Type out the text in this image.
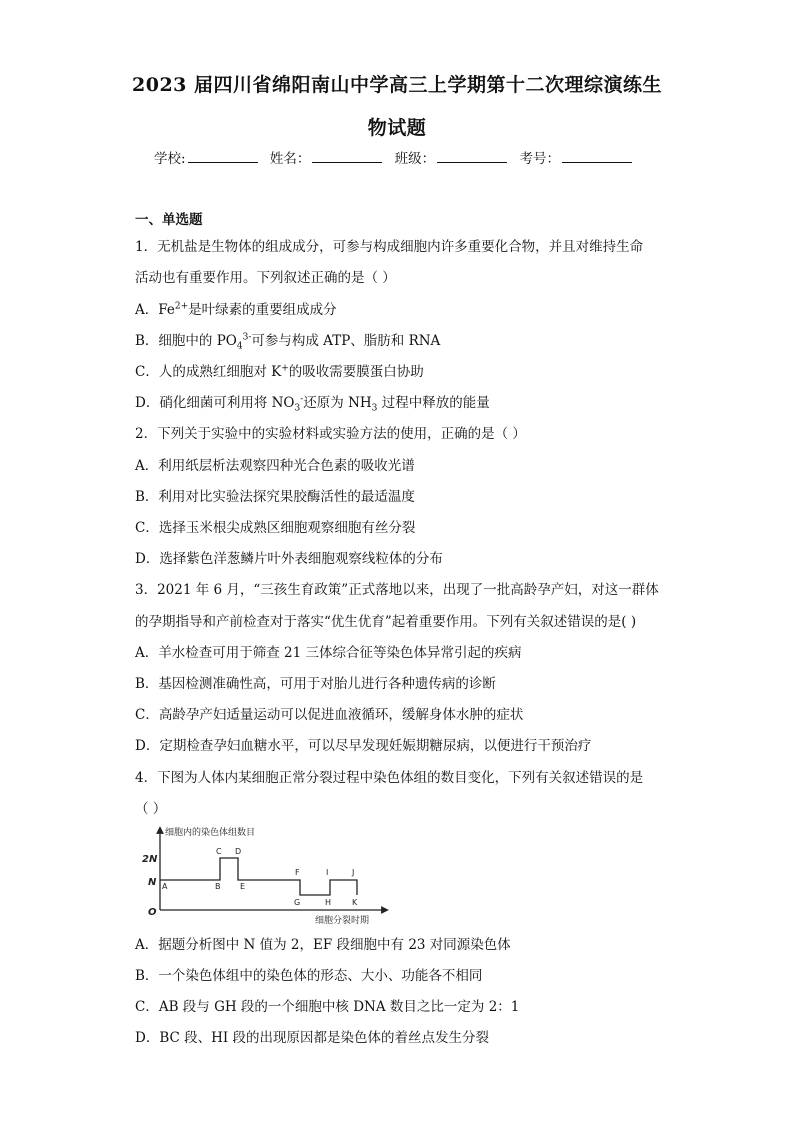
2023 届四川省绵阳南山中学高三上学期第十二次理综演练生
物试题
学校:	姓名：	班级：	考号：
一、单选题
1．无机盐是生物体的组成成分，可参与构成细胞内许多重要化合物，并且对维持生命
活动也有重要作用。下列叙述正确的是（ ）
A．$Fe^{2+}$是叶绿素的重要组成成分
B．细胞中的 $PO_4^{3-}$可参与构成 ATP、脂肪和 RNA
C．人的成熟红细胞对 K+的吸收需要膜蛋白协助
D．硝化细菌可利用将 $NO_3^-$还原为 $NH_3$ 过程中释放的能量
2．下列关于实验中的实验材料或实验方法的使用，正确的是（ ）
A．利用纸层析法观察四种光合色素的吸收光谱
B．利用对比实验法探究果胶酶活性的最适温度
C．选择玉米根尖成熟区细胞观察细胞有丝分裂
D．选择紫色洋葱鳞片叶外表细胞观察线粒体的分布
3．2021 年 6 月，“三孩生育政策”正式落地以来，出现了一批高龄孕产妇，对这一群体
的孕期指导和产前检查对于落实“优生优育”起着重要作用。下列有关叙述错误的是( )
A．羊水检查可用于筛查 21 三体综合征等染色体异常引起的疾病
B．基因检测准确性高，可用于对胎儿进行各种遗传病的诊断
C．高龄孕产妇适量运动可以促进血液循环，缓解身体水肿的症状
D．定期检查孕妇血糖水平，可以尽早发现妊娠期糖尿病，以便进行干预治疗
4．下图为人体内某细胞正常分裂过程中染色体组的数目变化，下列有关叙述错误的是
（ ）
细胞内的染色体组数目
细胞分裂时期
2N
N
O
A	B
C D
E
F
G	H
I	J
K
A．据题分析图中 N 值为 2，EF 段细胞中有 23 对同源染色体
B．一个染色体组中的染色体的形态、大小、功能各不相同
C．AB 段与 GH 段的一个细胞中核 DNA 数目之比一定为 2：1
D．BC 段、HI 段的出现原因都是染色体的着丝点发生分裂
